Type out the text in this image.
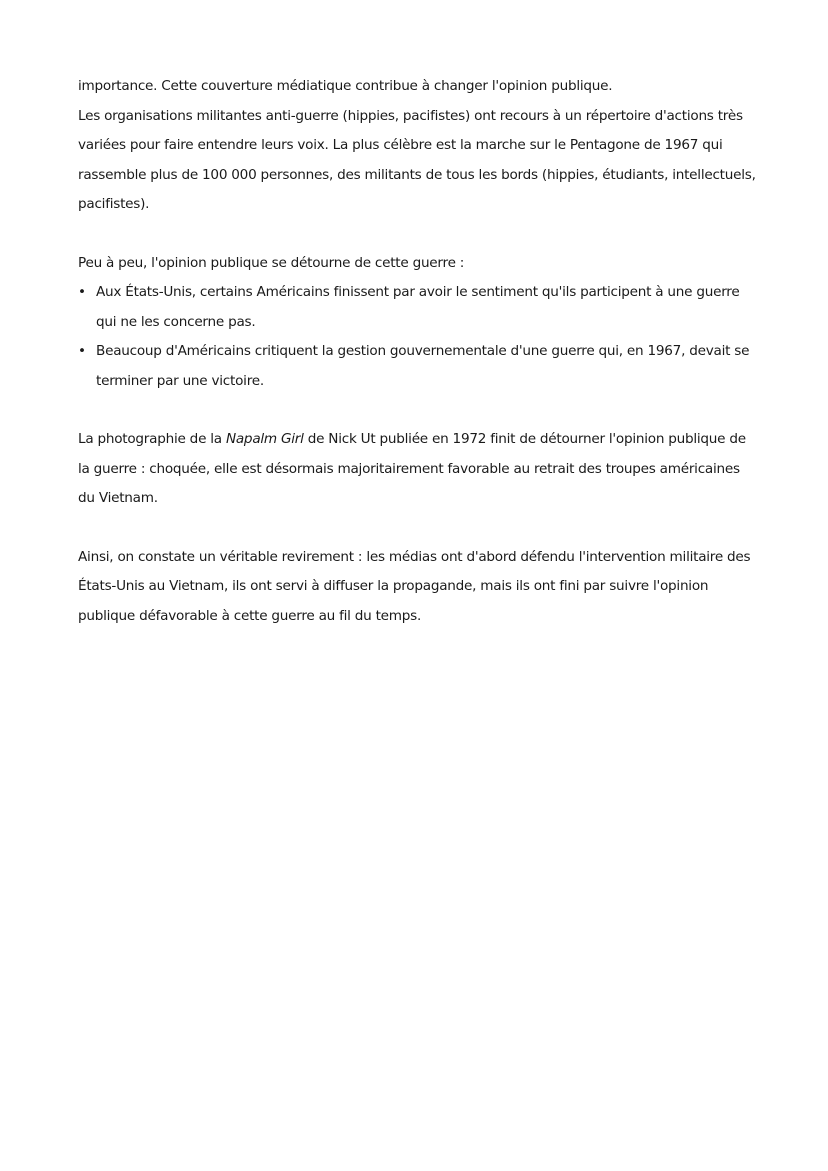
importance. Cette couverture médiatique contribue à changer l'opinion publique.

Les organisations militantes anti-guerre (hippies, pacifistes) ont recours à un répertoire d'actions très variées pour faire entendre leurs voix. La plus célèbre est la marche sur le Pentagone de 1967 qui rassemble plus de 100 000 personnes, des militants de tous les bords (hippies, étudiants, intellectuels, pacifistes).

Peu à peu, l'opinion publique se détourne de cette guerre :

• Aux États-Unis, certains Américains finissent par avoir le sentiment qu'ils participent à une guerre qui ne les concerne pas.
• Beaucoup d'Américains critiquent la gestion gouvernementale d'une guerre qui, en 1967, devait se terminer par une victoire.

La photographie de la Napalm Girl de Nick Ut publiée en 1972 finit de détourner l'opinion publique de la guerre : choquée, elle est désormais majoritairement favorable au retrait des troupes américaines du Vietnam.

Ainsi, on constate un véritable revirement : les médias ont d'abord défendu l'intervention militaire des États-Unis au Vietnam, ils ont servi à diffuser la propagande, mais ils ont fini par suivre l'opinion publique défavorable à cette guerre au fil du temps.
